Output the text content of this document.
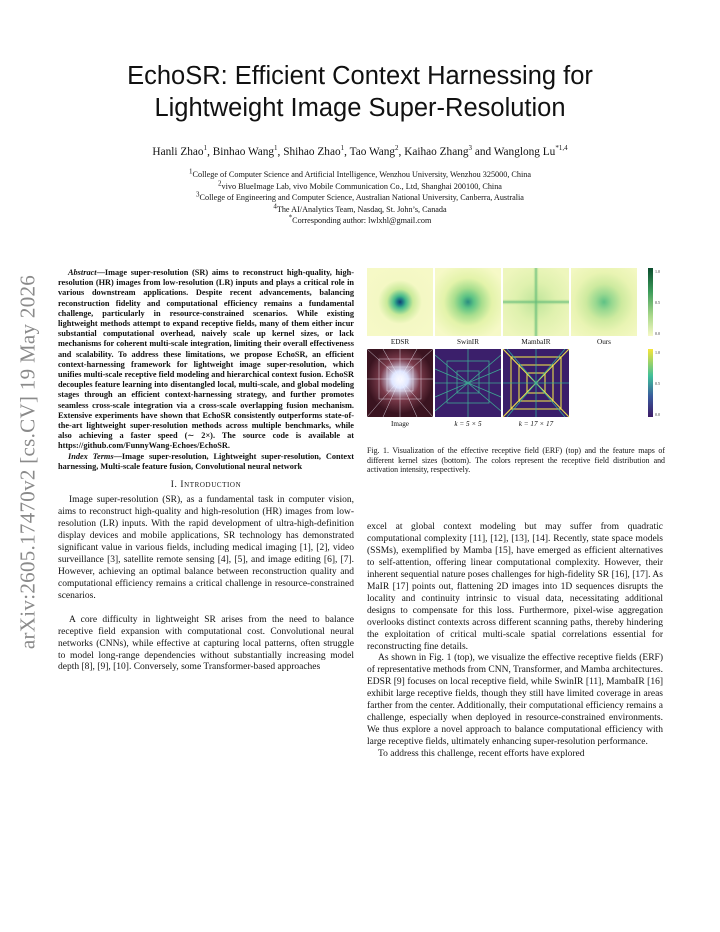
arXiv:2605.17470v2 [cs.CV] 19 May 2026
EchoSR: Efficient Context Harnessing for
Lightweight Image Super-Resolution
Hanli Zhao$^1$, Binhao Wang$^1$, Shihao Zhao$^1$, Tao Wang$^2$, Kaihao Zhang$^3$ and Wanglong Lu$^{*1,4}$
$^1$College of Computer Science and Artificial Intelligence, Wenzhou University, Wenzhou 325000, China
$^2$vivo BlueImage Lab, vivo Mobile Communication Co., Ltd, Shanghai 200100, China
$^3$College of Engineering and Computer Science, Australian National University, Canberra, Australia
$^4$The AI/Analytics Team, Nasdaq, St. John’s, Canada
*Corresponding author: lwlxhl@gmail.com
Abstract—Image super-resolution (SR) aims to reconstruct high-quality, high-resolution (HR) images from low-resolution (LR) inputs and plays a critical role in various downstream applications. Despite recent advancements, balancing reconstruction fidelity and computational efficiency remains a fundamental challenge, particularly in resource-constrained scenarios. While existing lightweight methods attempt to expand receptive fields, many of them either incur substantial computational overhead, naively scale up kernel sizes, or lack mechanisms for coherent multi-scale integration, limiting their overall effectiveness and scalability. To address these limitations, we propose EchoSR, an efficient context-harnessing framework for lightweight image super-resolution, which unifies multi-scale receptive field modeling and hierarchical context fusion. EchoSR decouples feature learning into disentangled local, multi-scale, and global modeling stages through an efficient context-harnessing strategy, and further promotes seamless cross-scale integration via a cross-scale overlapping fusion mechanism. Extensive experiments have shown that EchoSR consistently outperforms state-of-the-art lightweight super-resolution methods across multiple benchmarks, while also achieving a faster speed (∼ 2×). The source code is available at https://github.com/FunnyWang-Echoes/EchoSR.
Index Terms—Image super-resolution, Lightweight super-resolution, Context harnessing, Multi-scale feature fusion, Convolutional neural network
I. Introduction

Image super-resolution (SR), as a fundamental task in computer vision, aims to reconstruct high-quality and high-resolution (HR) images from low-resolution (LR) inputs. With the rapid development of ultra-high-definition display devices and mobile applications, SR technology has demonstrated significant value in various fields, including medical imaging [1], [2], video surveillance [3], satellite remote sensing [4], [5], and image editing [6], [7]. However, achieving an optimal balance between reconstruction quality and computational efficiency remains a critical challenge in resource-constrained scenarios.

A core difficulty in lightweight SR arises from the need to balance receptive field expansion with computational cost. Convolutional neural networks (CNNs), while effective at capturing local patterns, often struggle to model long-range dependencies without substantially increasing model depth [8], [9], [10]. Conversely, some Transformer-based approaches

1.0
0.5
0.0
EDSR	SwinIR	MambaIR	Ours
1.0
0.5
0.0
Image	k = 5 × 5	k = 17 × 17
Fig. 1. Visualization of the effective receptive field (ERF) (top) and the feature maps of different kernel sizes (bottom). The colors represent the receptive field distribution and activation intensity, respectively.

excel at global context modeling but may suffer from quadratic computational complexity [11], [12], [13], [14]. Recently, state space models (SSMs), exemplified by Mamba [15], have emerged as efficient alternatives to self-attention, offering linear computational complexity. However, their inherent sequential nature poses challenges for high-fidelity SR [16], [17]. As MaIR [17] points out, flattening 2D images into 1D sequences disrupts the locality and continuity intrinsic to visual data, necessitating additional designs to compensate for this loss. Furthermore, pixel-wise aggregation overlooks distinct contexts across different scanning paths, thereby hindering the exploitation of critical multi-scale spatial correlations essential for reconstructing fine details.

As shown in Fig. 1 (top), we visualize the effective receptive fields (ERF) of representative methods from CNN, Transformer, and Mamba architectures. EDSR [9] focuses on local receptive field, while SwinIR [11], MambaIR [16] exhibit large receptive fields, though they still have limited coverage in areas farther from the center. Additionally, their computational efficiency remains a challenge, especially when deployed in resource-constrained environments. We thus explore a novel approach to balance computational efficiency with large receptive fields, ultimately enhancing super-resolution performance.

To address this challenge, recent efforts have explored
